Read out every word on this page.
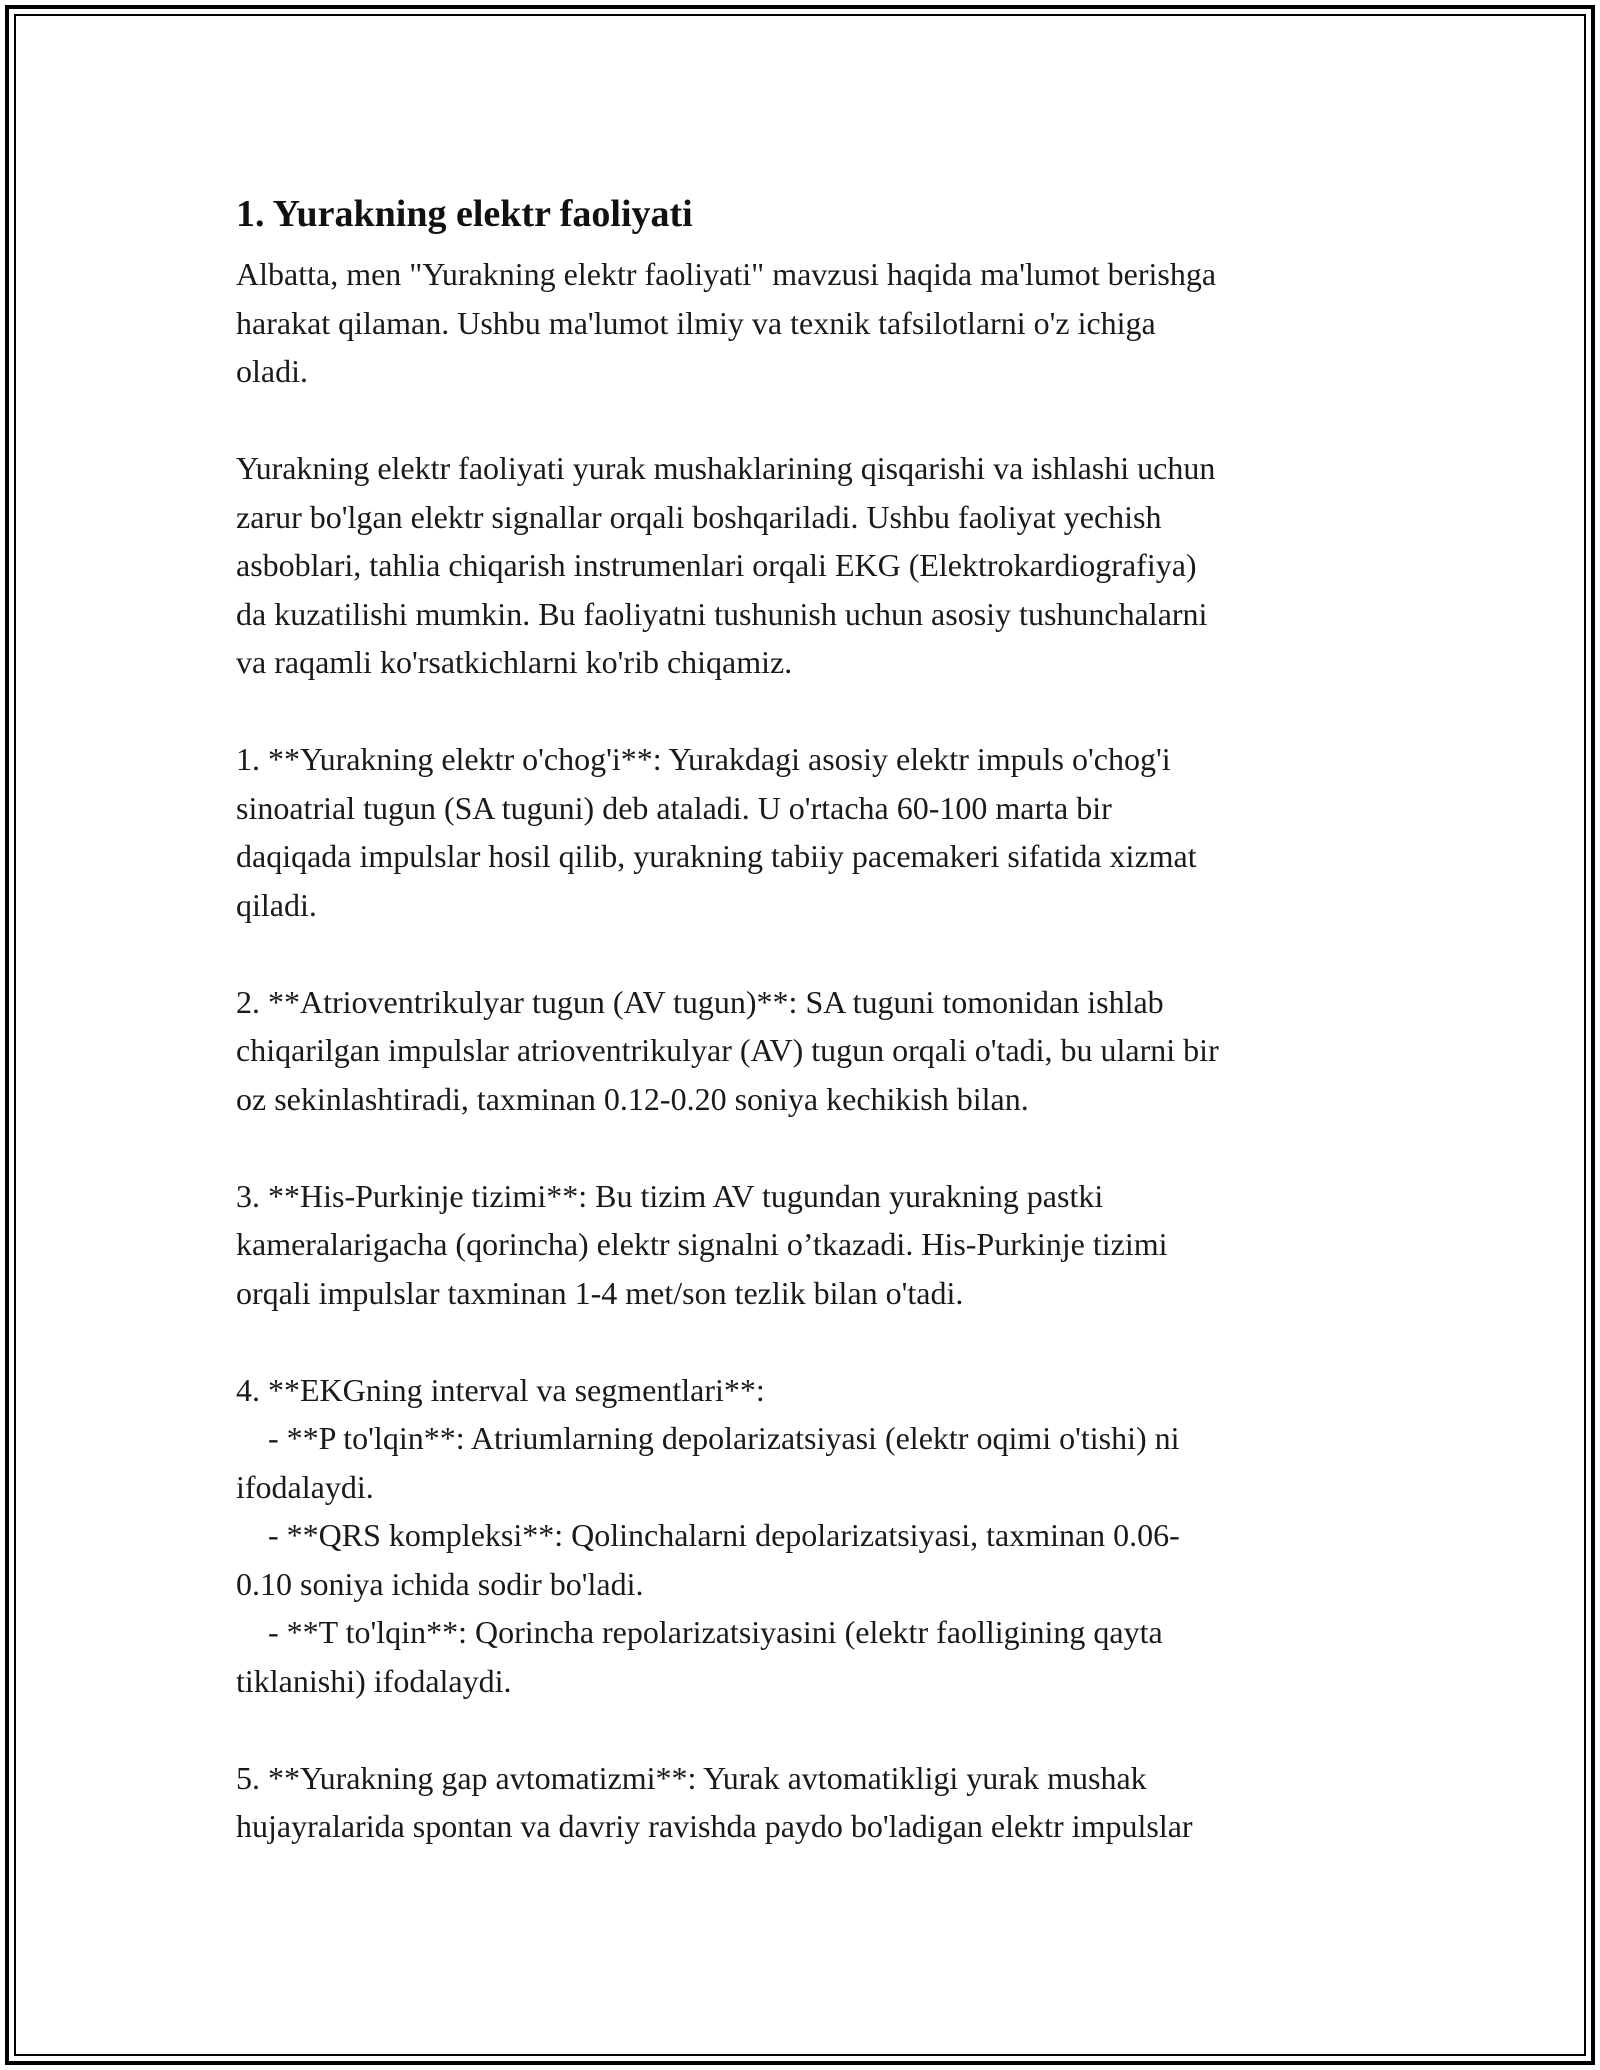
1. Yurakning elektr faoliyati
Albatta, men "Yurakning elektr faoliyati" mavzusi haqida ma'lumot berishga
harakat qilaman. Ushbu ma'lumot ilmiy va texnik tafsilotlarni o'z ichiga
oladi.
Yurakning elektr faoliyati yurak mushaklarining qisqarishi va ishlashi uchun
zarur bo'lgan elektr signallar orqali boshqariladi. Ushbu faoliyat yechish
asboblari, tahlia chiqarish instrumenlari orqali EKG (Elektrokardiografiya)
da kuzatilishi mumkin. Bu faoliyatni tushunish uchun asosiy tushunchalarni
va raqamli ko'rsatkichlarni ko'rib chiqamiz.
1. **Yurakning elektr o'chog'i**: Yurakdagi asosiy elektr impuls o'chog'i
sinoatrial tugun (SA tuguni) deb ataladi. U o'rtacha 60-100 marta bir
daqiqada impulslar hosil qilib, yurakning tabiiy pacemakeri sifatida xizmat
qiladi.
2. **Atrioventrikulyar tugun (AV tugun)**: SA tuguni tomonidan ishlab
chiqarilgan impulslar atrioventrikulyar (AV) tugun orqali o'tadi, bu ularni bir
oz sekinlashtiradi, taxminan 0.12-0.20 soniya kechikish bilan.
3. **His-Purkinje tizimi**: Bu tizim AV tugundan yurakning pastki
kameralarigacha (qorincha) elektr signalni o’tkazadi. His-Purkinje tizimi
orqali impulslar taxminan 1-4 met/son tezlik bilan o'tadi.
4. **EKGning interval va segmentlari**:
- **P to'lqin**: Atriumlarning depolarizatsiyasi (elektr oqimi o'tishi) ni
ifodalaydi.
- **QRS kompleksi**: Qolinchalarni depolarizatsiyasi, taxminan 0.06-
0.10 soniya ichida sodir bo'ladi.
- **T to'lqin**: Qorincha repolarizatsiyasini (elektr faolligining qayta
tiklanishi) ifodalaydi.
5. **Yurakning gap avtomatizmi**: Yurak avtomatikligi yurak mushak
hujayralarida spontan va davriy ravishda paydo bo'ladigan elektr impulslar
